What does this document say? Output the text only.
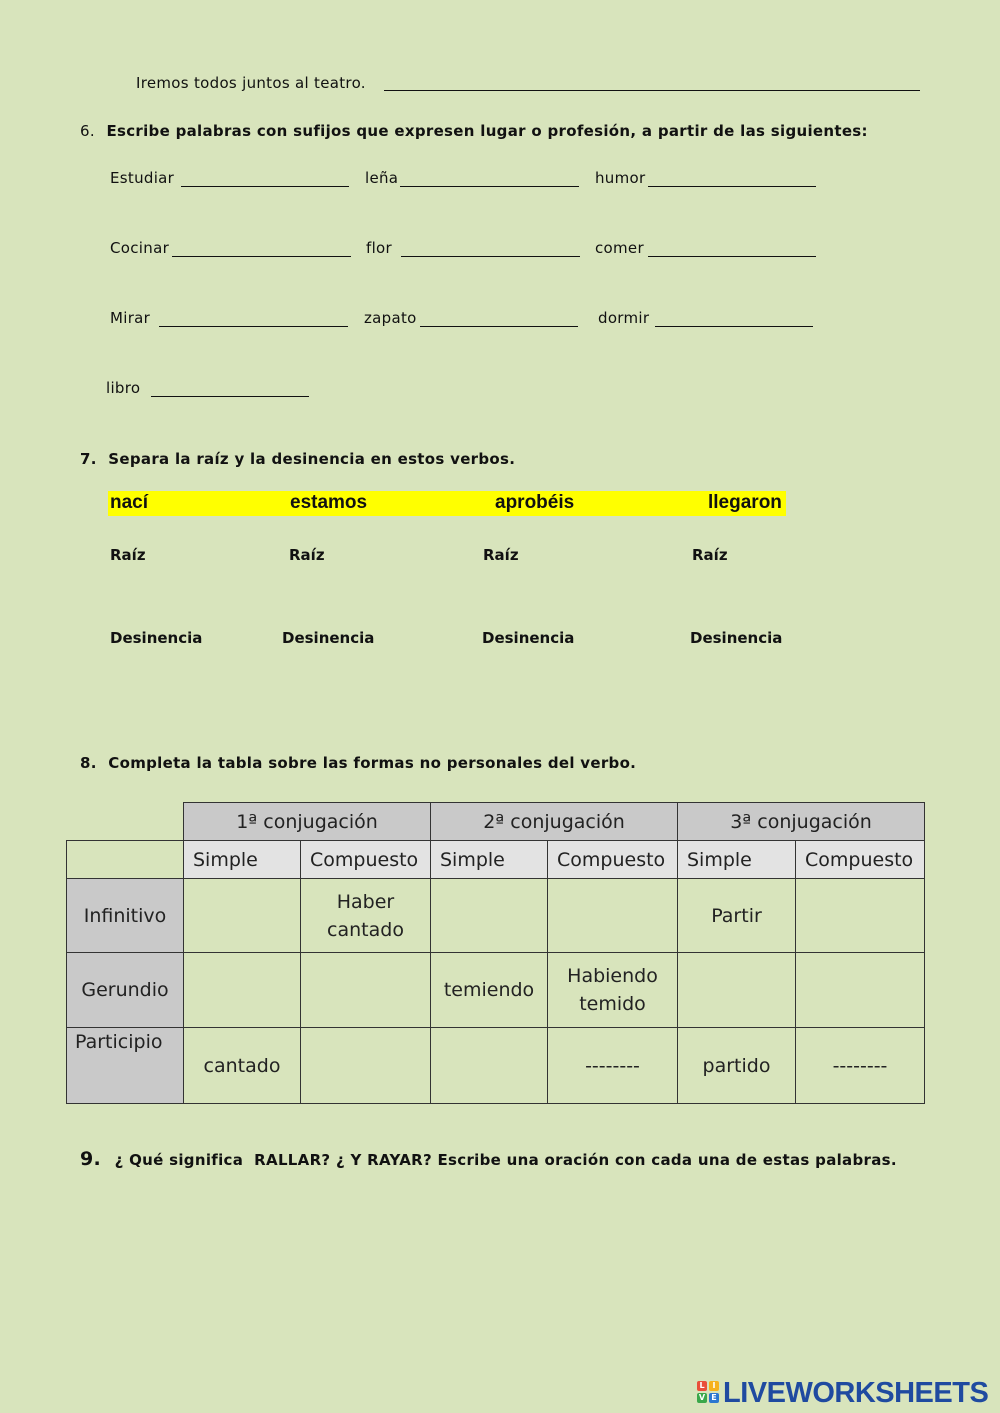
Iremos todos juntos al teatro.
6. Escribe palabras con sufijos que expresen lugar o profesión, a partir de las siguientes:
Estudiar	leña	humor
Cocinar	flor	comer
Mirar	zapato	dormir
libro
7. Separa la raíz y la desinencia en estos verbos.
nací	estamos	aprobéis	llegaron
Raíz	Raíz	Raíz	Raíz
Desinencia	Desinencia	Desinencia	Desinencia
8. Completa la tabla sobre las formas no personales del verbo.
	1ª conjugación		2ª conjugación		3ª conjugación	
	Simple	Compuesto	Simple	Compuesto	Simple	Compuesto
Infinitivo		Haber cantado			Partir	
Gerundio			temiendo	Habiendo temido		
Participio	cantado			--------	partido	--------
9. ¿ Qué significa  RALLAR? ¿ Y RAYAR? Escribe una oración con cada una de estas palabras.
L I
V E LIVEWORKSHEETS
